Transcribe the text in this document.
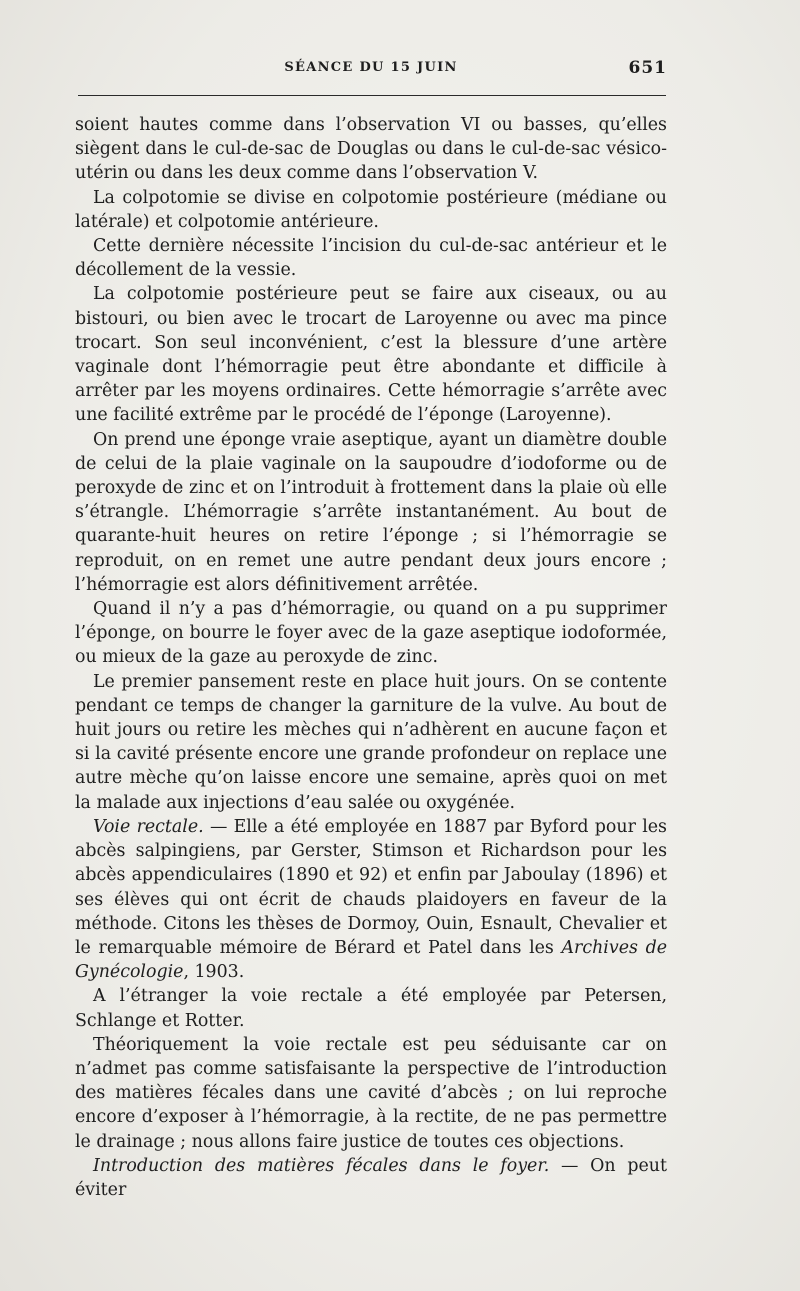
SÉANCE DU 15 JUIN	651

soient hautes comme dans l’observation VI ou basses, qu’elles siègent dans le cul-de-sac de Douglas ou dans le cul-de-sac vésico-utérin ou dans les deux comme dans l’observation V.

La colpotomie se divise en colpotomie postérieure (médiane ou latérale) et colpotomie antérieure.

Cette dernière nécessite l’incision du cul-de-sac antérieur et le décollement de la vessie.

La colpotomie postérieure peut se faire aux ciseaux, ou au bistouri, ou bien avec le trocart de Laroyenne ou avec ma pince trocart. Son seul inconvénient, c’est la blessure d’une artère vaginale dont l’hémorragie peut être abondante et difficile à arrêter par les moyens ordinaires. Cette hémorragie s’arrête avec une facilité extrême par le procédé de l’éponge (Laroyenne).

On prend une éponge vraie aseptique, ayant un diamètre double de celui de la plaie vaginale on la saupoudre d’iodoforme ou de peroxyde de zinc et on l’introduit à frottement dans la plaie où elle s’étrangle. L’hémorragie s’arrête instantanément. Au bout de quarante-huit heures on retire l’éponge ; si l’hémorragie se reproduit, on en remet une autre pendant deux jours encore ; l’hémorragie est alors définitivement arrêtée.

Quand il n’y a pas d’hémorragie, ou quand on a pu supprimer l’éponge, on bourre le foyer avec de la gaze aseptique iodoformée, ou mieux de la gaze au peroxyde de zinc.

Le premier pansement reste en place huit jours. On se contente pendant ce temps de changer la garniture de la vulve. Au bout de huit jours ou retire les mèches qui n’adhèrent en aucune façon et si la cavité présente encore une grande profondeur on replace une autre mèche qu’on laisse encore une semaine, après quoi on met la malade aux injections d’eau salée ou oxygénée.

Voie rectale. — Elle a été employée en 1887 par Byford pour les abcès salpingiens, par Gerster, Stimson et Richardson pour les abcès appendiculaires (1890 et 92) et enfin par Jaboulay (1896) et ses élèves qui ont écrit de chauds plaidoyers en faveur de la méthode. Citons les thèses de Dormoy, Ouin, Esnault, Chevalier et le remarquable mémoire de Bérard et Patel dans les Archives de Gynécologie, 1903.

A l’étranger la voie rectale a été employée par Petersen, Schlange et Rotter.

Théoriquement la voie rectale est peu séduisante car on n’admet pas comme satisfaisante la perspective de l’introduction des matières fécales dans une cavité d’abcès ; on lui reproche encore d’exposer à l’hémorragie, à la rectite, de ne pas permettre le drainage ; nous allons faire justice de toutes ces objections.

Introduction des matières fécales dans le foyer. — On peut éviter
